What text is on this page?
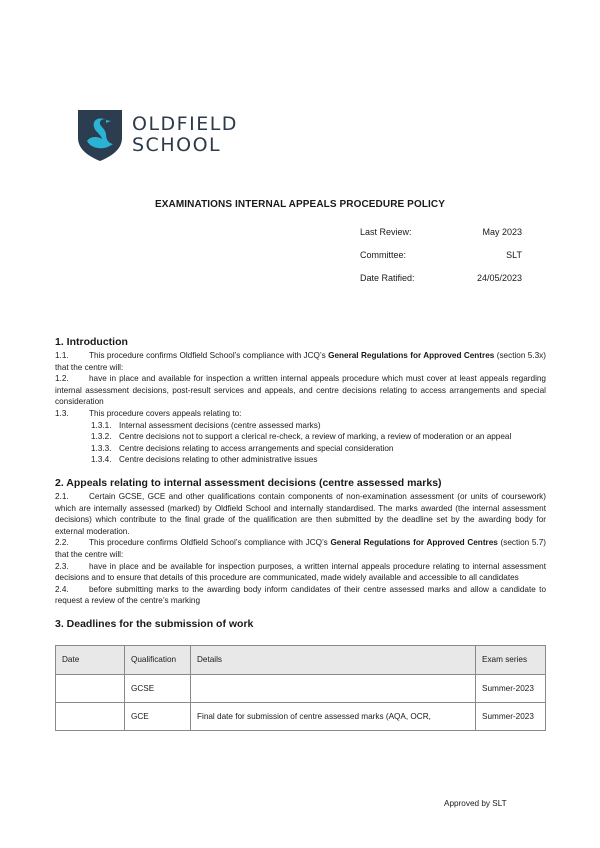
OLDFIELD
SCHOOL
EXAMINATIONS INTERNAL APPEALS PROCEDURE POLICY
Last Review:	May 2023
Committee:	SLT
Date Ratified:	24/05/2023
1. Introduction

1.1. This procedure confirms Oldfield School’s compliance with JCQ’s General Regulations for Approved Centres (section 5.3x) that the centre will:

1.2. have in place and available for inspection a written internal appeals procedure which must cover at least appeals regarding internal assessment decisions, post-result services and appeals, and centre decisions relating to access arrangements and special consideration

1.3. This procedure covers appeals relating to:

1.3.1. Internal assessment decisions (centre assessed marks)
1.3.2. Centre decisions not to support a clerical re-check, a review of marking, a review of moderation or an appeal
1.3.3. Centre decisions relating to access arrangements and special consideration
1.3.4. Centre decisions relating to other administrative issues
2. Appeals relating to internal assessment decisions (centre assessed marks)

2.1. Certain GCSE, GCE and other qualifications contain components of non-examination assessment (or units of coursework) which are internally assessed (marked) by Oldfield School and internally standardised. The marks awarded (the internal assessment decisions) which contribute to the final grade of the qualification are then submitted by the deadline set by the awarding body for external moderation.

2.2. This procedure confirms Oldfield School’s compliance with JCQ’s General Regulations for Approved Centres (section 5.7) that the centre will:

2.3. have in place and be available for inspection purposes, a written internal appeals procedure relating to internal assessment decisions and to ensure that details of this procedure are communicated, made widely available and accessible to all candidates

2.4. before submitting marks to the awarding body inform candidates of their centre assessed marks and allow a candidate to request a review of the centre’s marking

3. Deadlines for the submission of work
Date	Qualification	Details	Exam series
	GCSE		Summer-2023
	GCE	Final date for submission of centre assessed marks (AQA, OCR,	Summer-2023
Approved by SLT
